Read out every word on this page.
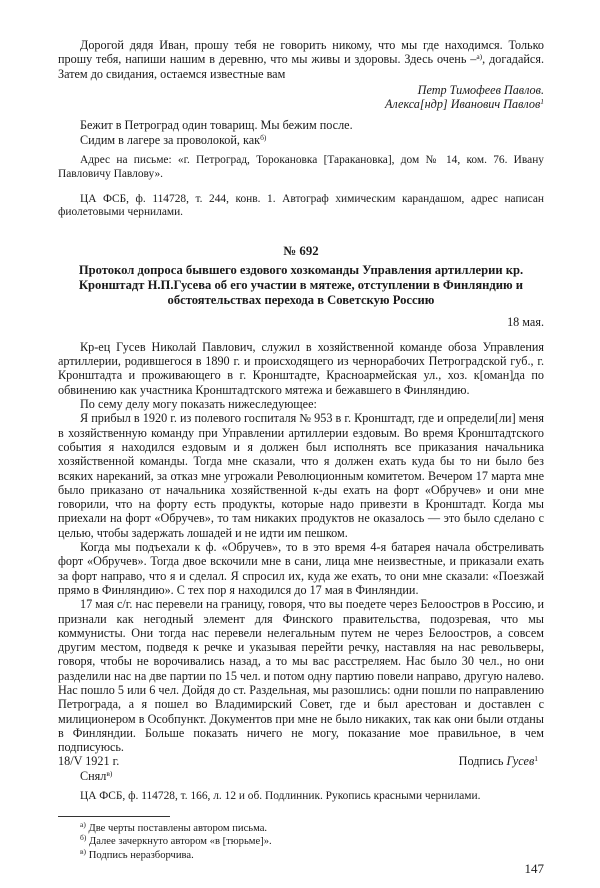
Дорогой дядя Иван, прошу тебя не говорить никому, что мы где находимся. Только прошу тебя, напиши нашим в деревню, что мы живы и здоровы. Здесь очень –$^{а)}$, догадайся. Затем до свидания, остаемся известные вам

Петр Тимофеев Павлов.

Алекса[ндр] Иванович Павлов$^1$

Бежит в Петроград один товарищ. Мы бежим после.

Сидим в лагере за проволокой, как$^{б)}$

Адрес на письме: «г. Петроград, Торокановка [Таракановка], дом № 14, ком. 76. Ивану Павловичу Павлову».

ЦА ФСБ, ф. 114728, т. 244, конв. 1. Автограф химическим карандашом, адрес написан фиолетовыми чернилами.

№ 692

Протокол допроса бывшего ездового хозкоманды Управления артиллерии кр. Кронштадт Н.П.Гусева об его участии в мятеже, отступлении в Финляндию и обстоятельствах перехода в Советскую Россию

18 мая.

Кр-ец Гусев Николай Павлович, служил в хозяйственной команде обоза Управления артиллерии, родившегося в 1890 г. и происходящего из чернорабочих Петроградской губ., г. Кронштадта и проживающего в г. Кронштадте, Красноармейская ул., хоз. к[оман]да по обвинению как участника Кронштадтского мятежа и бежавшего в Финляндию.

По сему делу могу показать нижеследующее:

Я прибыл в 1920 г. из полевого госпиталя № 953 в г. Кронштадт, где и определи[ли] меня в хозяйственную команду при Управлении артиллерии ездовым. Во время Кронштадтского события я находился ездовым и я должен был исполнять все приказания начальника хозяйственной команды. Тогда мне сказали, что я должен ехать куда бы то ни было без всяких нареканий, за отказ мне угрожали Революционным комитетом. Вечером 17 марта мне было приказано от начальника хозяйственной к-ды ехать на форт «Обручев» и они мне говорили, что на форту есть продукты, которые надо привезти в Кронштадт. Когда мы приехали на форт «Обручев», то там никаких продуктов не оказалось — это было сделано с целью, чтобы задержать лошадей и не идти им пешком.

Когда мы подъехали к ф. «Обручев», то в это время 4-я батарея начала обстреливать форт «Обручев». Тогда двое вскочили мне в сани, лица мне неизвестные, и приказали ехать за форт направо, что я и сделал. Я спросил их, куда же ехать, то они мне сказали: «Поезжай прямо в Финляндию». С тех пор я находился до 17 мая в Финляндии.

17 мая с/г. нас перевели на границу, говоря, что вы поедете через Белоостров в Россию, и признали как негодный элемент для Финского правительства, подозревая, что мы коммунисты. Они тогда нас перевели нелегальным путем не через Белоостров, а совсем другим местом, подведя к речке и указывая перейти речку, наставляя на нас револьверы, говоря, чтобы не ворочивались назад, а то мы вас расстреляем. Нас было 30 чел., но они разделили нас на две партии по 15 чел. и потом одну партию повели направо, другую налево. Нас пошло 5 или 6 чел. Дойдя до ст. Раздельная, мы разошлись: одни пошли по направлению Петрограда, а я пошел во Владимирский Совет, где и был арестован и доставлен с милиционером в Особпункт. Документов при мне не было никаких, так как они были отданы в Финляндии. Больше показать ничего не могу, показание мое правильное, в чем подписуюсь.

18/V 1921 г.	Подпись Гусев$^1$

Снял$^{в)}$

ЦА ФСБ, ф. 114728, т. 166, л. 12 и об. Подлинник. Рукопись красными чернилами.

$^{а)}$ Две черты поставлены автором письма.

$^{б)}$ Далее зачеркнуто автором «в [тюрьме]».

$^{в)}$ Подпись неразборчива.

147
